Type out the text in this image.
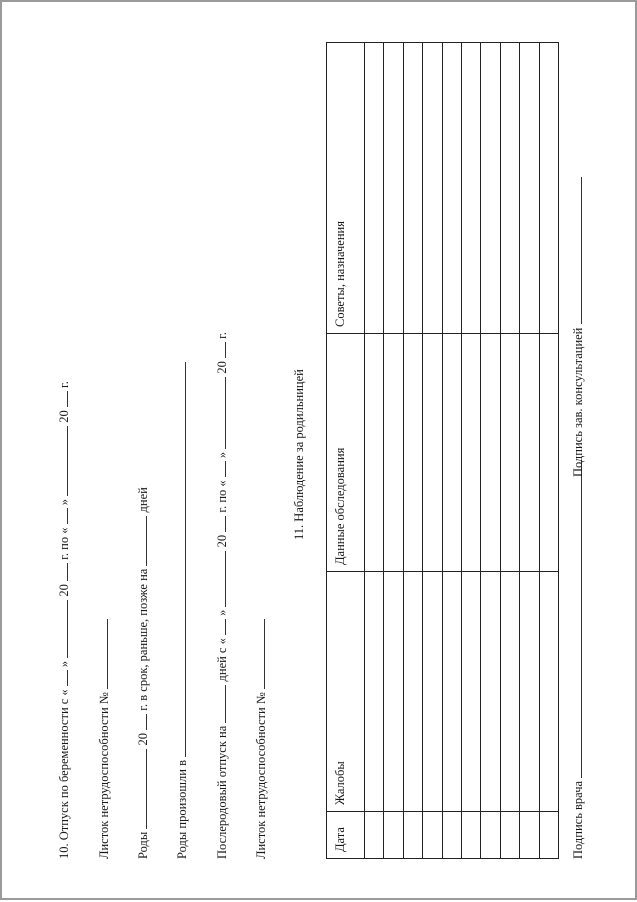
10. Отпуск по беременности с «  »  20  г. по «  »  20  г.
Листок нетрудоспособности № Роды  20  г. в срок, раньше, позже на  дней
Роды произошли в Послеродовый отпуск на  дней с «  »  20  г. по «  »  20  г.
Листок нетрудоспособности №
11. Наблюдение за родильницей
Дата	Жалобы	Данные обследования	Советы, назначения

Подпись врача
Подпись зав. консультацией
